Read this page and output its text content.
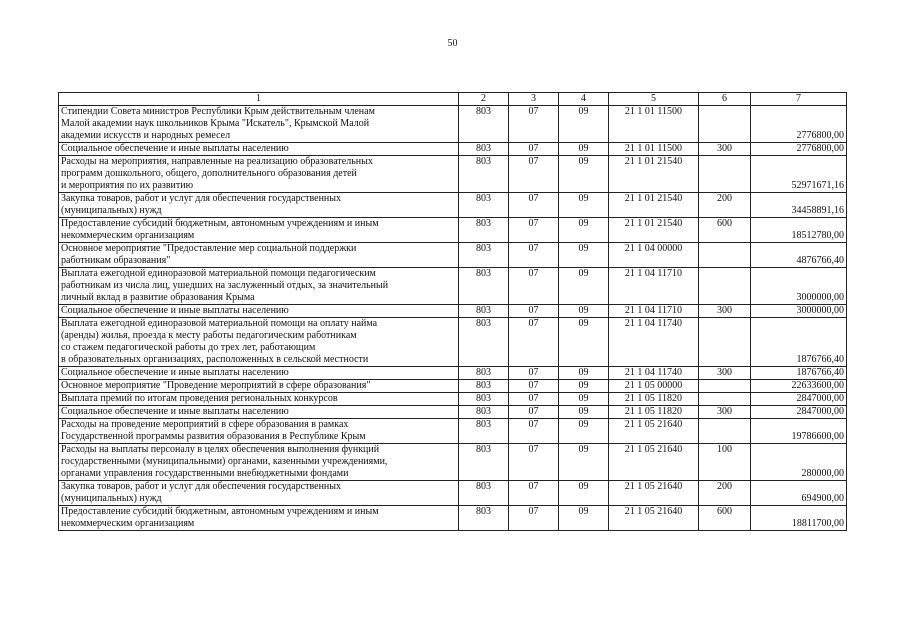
50
1	2	3	4	5	6	7

Стипендии Совета министров Республики Крым действительным членам
Малой академии наук школьников Крыма "Искатель", Крымской Малой
академии искусств и народных ремесел	803	07	09	21 1 01 11500		2776800,00

Социальное обеспечение и иные выплаты населению	803	07	09	21 1 01 11500	300	2776800,00

Расходы на мероприятия, направленные на реализацию образовательных
программ дошкольного, общего, дополнительного образования детей
и мероприятия по их развитию	803	07	09	21 1 01 21540		52971671,16

Закупка товаров, работ и услуг для обеспечения государственных
(муниципальных) нужд	803	07	09	21 1 01 21540	200	34458891,16

Предоставление субсидий бюджетным, автономным учреждениям и иным
некоммерческим организациям	803	07	09	21 1 01 21540	600	18512780,00

Основное мероприятие "Предоставление мер социальной поддержки
работникам образования"	803	07	09	21 1 04 00000		4876766,40

Выплата ежегодной единоразовой материальной помощи педагогическим
работникам из числа лиц, ушедших на заслуженный отдых, за значительный
личный вклад в развитие образования Крыма	803	07	09	21 1 04 11710		3000000,00

Социальное обеспечение и иные выплаты населению	803	07	09	21 1 04 11710	300	3000000,00

Выплата ежегодной единоразовой материальной помощи на оплату найма
(аренды) жилья, проезда к месту работы педагогическим работникам
со стажем педагогической работы до трех лет, работающим
в образовательных организациях, расположенных в сельской местности	803	07	09	21 1 04 11740		1876766,40

Социальное обеспечение и иные выплаты населению	803	07	09	21 1 04 11740	300	1876766,40

Основное мероприятие "Проведение мероприятий в сфере образования"	803	07	09	21 1 05 00000		22633600,00

Выплата премий по итогам проведения региональных конкурсов	803	07	09	21 1 05 11820		2847000,00

Социальное обеспечение и иные выплаты населению	803	07	09	21 1 05 11820	300	2847000,00

Расходы на проведение мероприятий в сфере образования в рамках
Государственной программы развития образования в Республике Крым	803	07	09	21 1 05 21640		19786600,00

Расходы на выплаты персоналу в целях обеспечения выполнения функций
государственными (муниципальными) органами, казенными учреждениями,
органами управления государственными внебюджетными фондами	803	07	09	21 1 05 21640	100	280000,00

Закупка товаров, работ и услуг для обеспечения государственных
(муниципальных) нужд	803	07	09	21 1 05 21640	200	694900,00

Предоставление субсидий бюджетным, автономным учреждениям и иным
некоммерческим организациям	803	07	09	21 1 05 21640	600	18811700,00
